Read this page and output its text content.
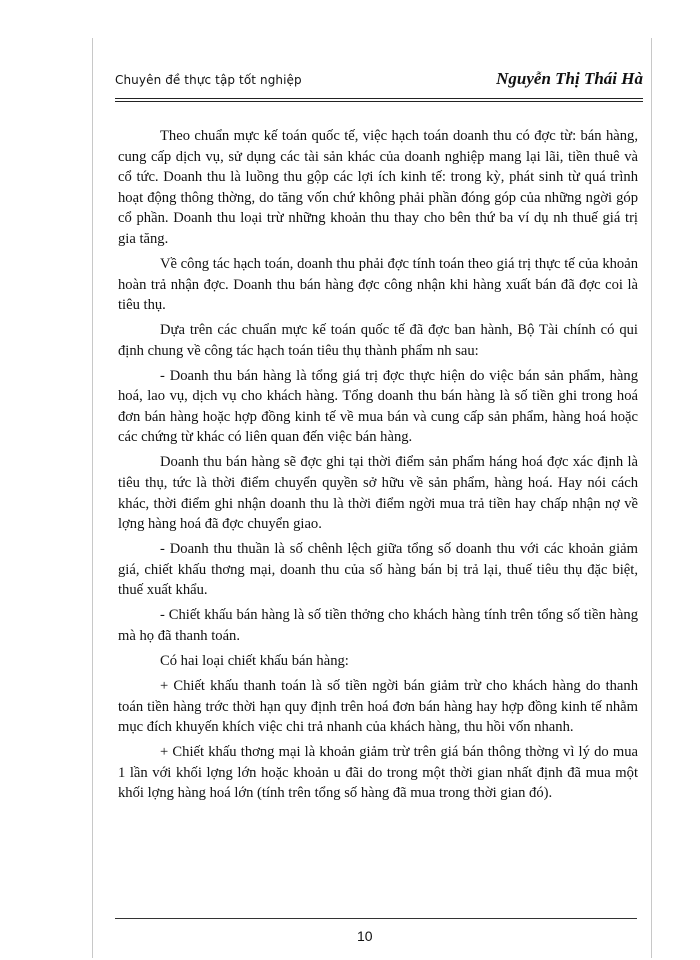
Chuyên đề thực tập tốt nghiệp	Nguyễn Thị Thái Hà

Theo chuẩn mực kế toán quốc tế, việc hạch toán doanh thu có đợc từ: bán hàng, cung cấp dịch vụ, sử dụng các tài sản khác của doanh nghiệp mang lại lãi, tiền thuê và cổ tức. Doanh thu là luồng thu gộp các lợi ích kinh tế: trong kỳ, phát sinh từ quá trình hoạt động thông thờng, do tăng vốn chứ không phải phần đóng góp của những ngời góp cổ phần. Doanh thu loại trừ những khoản thu thay cho bên thứ ba ví dụ nh thuế giá trị gia tăng.

Về công tác hạch toán, doanh thu phải đợc tính toán theo giá trị thực tế của khoản hoàn trả nhận đợc. Doanh thu bán hàng đợc công nhận khi hàng xuất bán đã đợc coi là tiêu thụ.

Dựa trên các chuẩn mực kế toán quốc tế đã đợc ban hành, Bộ Tài chính có qui định chung về công tác hạch toán tiêu thụ thành phẩm nh sau:

- Doanh thu bán hàng là tổng giá trị đợc thực hiện do việc bán sản phẩm, hàng hoá, lao vụ, dịch vụ cho khách hàng. Tổng doanh thu bán hàng là số tiền ghi trong hoá đơn bán hàng hoặc hợp đồng kinh tế về mua bán và cung cấp sản phẩm, hàng hoá hoặc các chứng từ khác có liên quan đến việc bán hàng.

Doanh thu bán hàng sẽ đợc ghi tại thời điểm sản phẩm háng hoá đợc xác định là tiêu thụ, tức là thời điểm chuyển quyền sở hữu về sản phẩm, hàng hoá. Hay nói cách khác, thời điểm ghi nhận doanh thu là thời điểm ngời mua trả tiền hay chấp nhận nợ về lợng hàng hoá đã đợc chuyển giao.

- Doanh thu thuần là số chênh lệch giữa tổng số doanh thu với các khoản giảm giá, chiết khấu thơng mại, doanh thu của số hàng bán bị trả lại, thuế tiêu thụ đặc biệt, thuế xuất khẩu.

- Chiết khấu bán hàng là số tiền thởng cho khách hàng tính trên tổng số tiền hàng mà họ đã thanh toán.

Có hai loại chiết khấu bán hàng:

+ Chiết khấu thanh toán là số tiền ngời bán giảm trừ cho khách hàng do thanh toán tiền hàng trớc thời hạn quy định trên hoá đơn bán hàng hay hợp đồng kinh tế nhằm mục đích khuyến khích việc chi trả nhanh của khách hàng, thu hồi vốn nhanh.

+ Chiết khấu thơng mại là khoản giảm trừ trên giá bán thông thờng vì lý do mua 1 lần với khối lợng lớn hoặc khoản u đãi do trong một thời gian nhất định đã mua một khối lợng hàng hoá lớn (tính trên tổng số hàng đã mua trong thời gian đó).

10
